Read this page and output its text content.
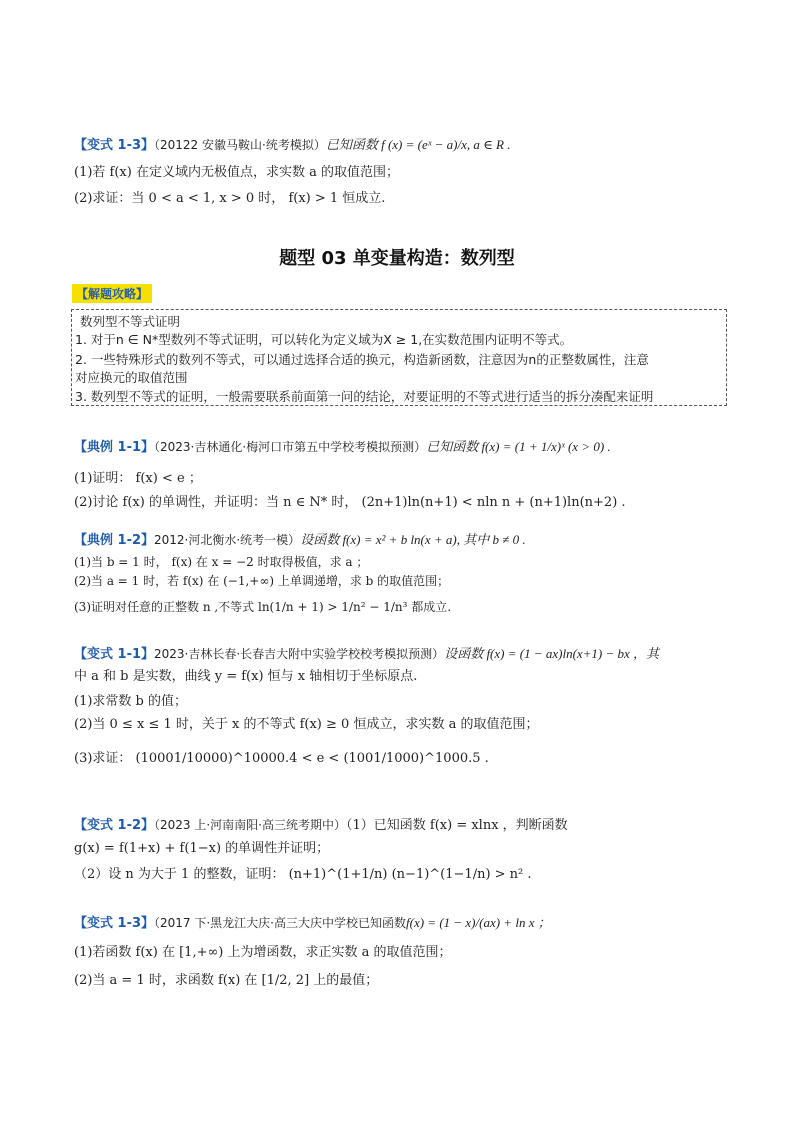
【变式 1-3】（20122 安徽马鞍山·统考模拟）已知函数 f (x) = (eˣ − a)/x, a ∈ R .
(1)若 f(x) 在定义域内无极值点，求实数 a 的取值范围；
(2)求证：当 0 < a < 1, x > 0 时， f(x) > 1 恒成立.
题型 03 单变量构造：数列型
【解题攻略】
数列型不等式证明
1. 对于n ∈ N*型数列不等式证明，可以转化为定义域为X ≥ 1,在实数范围内证明不等式。
2. 一些特殊形式的数列不等式，可以通过选择合适的换元，构造新函数，注意因为n的正整数属性，注意
对应换元的取值范围
3. 数列型不等式的证明，一般需要联系前面第一问的结论，对要证明的不等式进行适当的拆分凑配来证明
【典例 1-1】（2023·吉林通化·梅河口市第五中学校考模拟预测）已知函数 f(x) = (1 + 1/x)ˣ (x > 0) .
(1)证明： f(x) < e ；
(2)讨论 f(x) 的单调性，并证明：当 n ∈ N* 时， (2n+1)ln(n+1) < nln n + (n+1)ln(n+2) .
【典例 1-2】2012·河北衡水·统考一模）设函数 f(x) = x² + b ln(x + a), 其中 b ≠ 0 .
(1)当 b = 1 时， f(x) 在 x = −2 时取得极值，求 a ；
(2)当 a = 1 时，若 f(x) 在 (−1,+∞) 上单调递增，求 b 的取值范围；
(3)证明对任意的正整数 n ,不等式 ln(1/n + 1) > 1/n² − 1/n³ 都成立.
【变式 1-1】2023·吉林长春·长春吉大附中实验学校校考模拟预测）设函数 f(x) = (1 − ax)ln(x+1) − bx ，其
中 a 和 b 是实数，曲线 y = f(x) 恒与 x 轴相切于坐标原点.
(1)求常数 b 的值；
(2)当 0 ≤ x ≤ 1 时，关于 x 的不等式 f(x) ≥ 0 恒成立，求实数 a 的取值范围；
(3)求证： (10001/10000)^10000.4 < e < (1001/1000)^1000.5 .
【变式 1-2】（2023 上·河南南阳·高三统考期中）（1）已知函数 f(x) = xlnx ，判断函数
g(x) = f(1+x) + f(1−x) 的单调性并证明；
（2）设 n 为大于 1 的整数，证明： (n+1)^(1+1/n) (n−1)^(1−1/n) > n² .
【变式 1-3】（2017 下·黑龙江大庆·高三大庆中学校已知函数f(x) = (1 − x)/(ax) + ln x ；
(1)若函数 f(x) 在 [1,+∞) 上为增函数，求正实数 a 的取值范围；
(2)当 a = 1 时，求函数 f(x) 在 [1/2, 2] 上的最值；
